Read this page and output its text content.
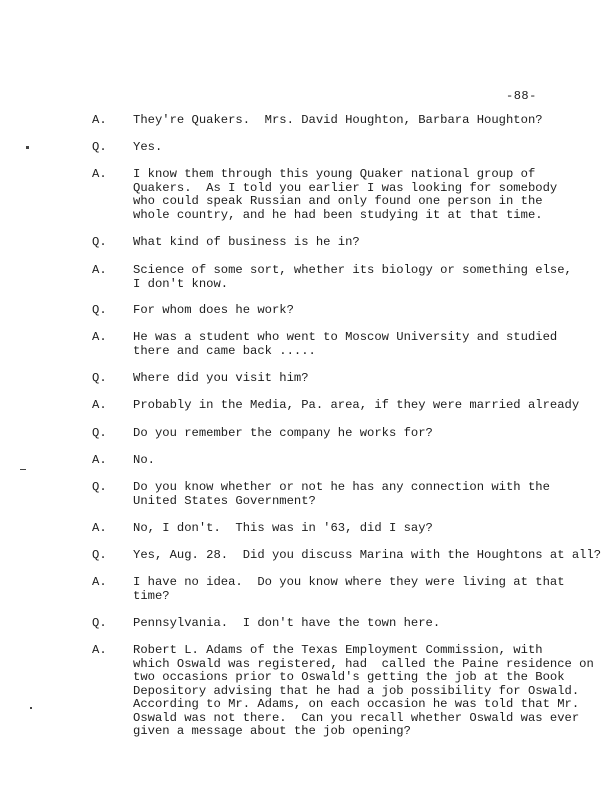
-88-
A. They're Quakers.  Mrs. David Houghton, Barbara Houghton?
Q. Yes.
A. I know them through this young Quaker national group of
Quakers.  As I told you earlier I was looking for somebody
who could speak Russian and only found one person in the
whole country, and he had been studying it at that time.
Q. What kind of business is he in?
A. Science of some sort, whether its biology or something else,
I don't know.
Q. For whom does he work?
A. He was a student who went to Moscow University and studied
there and came back .....
Q. Where did you visit him?
A. Probably in the Media, Pa. area, if they were married already
Q. Do you remember the company he works for?
A. No.
Q. Do you know whether or not he has any connection with the
United States Government?
A. No, I don't.  This was in '63, did I say?
Q. Yes, Aug. 28.  Did you discuss Marina with the Houghtons at all?
A. I have no idea.  Do you know where they were living at that
time?
Q. Pennsylvania.  I don't have the town here.
A. Robert L. Adams of the Texas Employment Commission, with
which Oswald was registered, had  called the Paine residence on
two occasions prior to Oswald's getting the job at the Book
Depository advising that he had a job possibility for Oswald.
According to Mr. Adams, on each occasion he was told that Mr.
Oswald was not there.  Can you recall whether Oswald was ever
given a message about the job opening?
